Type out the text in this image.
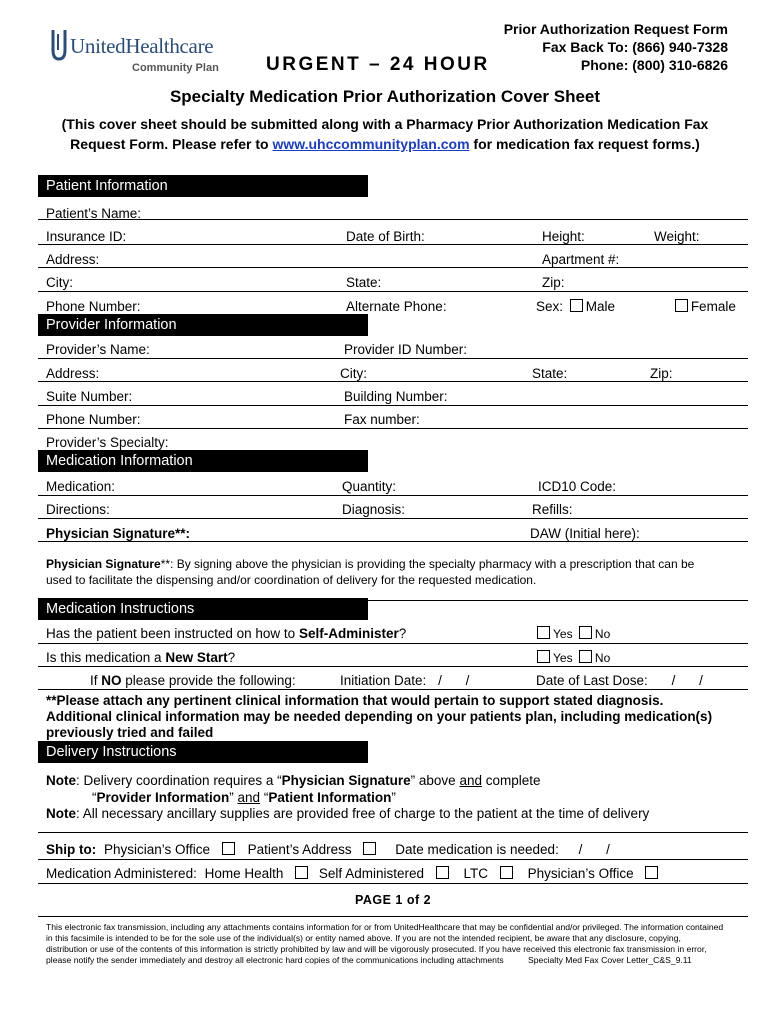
UnitedHealthcare
Community Plan URGENT – 24 HOUR
Prior Authorization Request Form
Fax Back To: (866) 940-7328
Phone: (800) 310-6826
Specialty Medication Prior Authorization Cover Sheet
(This cover sheet should be submitted along with a Pharmacy Prior Authorization Medication Fax
Request Form. Please refer to www.uhccommunityplan.com for medication fax request forms.)
Patient Information
Patient’s Name:
Insurance ID:	Date of Birth:	Height:	Weight:
Address:	Apartment #:
City:	State:	Zip:
Phone Number:	Alternate Phone:	Sex: Male	Female
Provider Information
Provider’s Name:	Provider ID Number:
Address:	City:	State:	Zip:
Suite Number:	Building Number:
Phone Number:	Fax number:
Provider’s Specialty:
Medication Information
Medication:	Quantity:	ICD10 Code:
Directions:	Diagnosis:	Refills:
Physician Signature**:	DAW (Initial here):
Physician Signature**: By signing above the physician is providing the specialty pharmacy with a prescription that can be
used to facilitate the dispensing and/or coordination of delivery for the requested medication.
Medication Instructions
Has the patient been instructed on how to Self-Administer?	Yes No
Is this medication a New Start?	Yes No
If NO please provide the following:	Initiation Date: / /	Date of Last Dose: / /
**Please attach any pertinent clinical information that would pertain to support stated diagnosis.
Additional clinical information may be needed depending on your patients plan, including medication(s)
previously tried and failed
Delivery Instructions
Note: Delivery coordination requires a “Physician Signature” above and complete
“Provider Information” and “Patient Information”
Note: All necessary ancillary supplies are provided free of charge to the patient at the time of delivery
Ship to: Physician’s Office	Patient’s Address	Date medication is needed: / /
Medication Administered: Home Health	Self Administered	LTC	Physician’s Office
PAGE 1 of 2
This electronic fax transmission, including any attachments contains information for or from UnitedHealthcare that may be confidential and/or privileged. The information contained
in this facsimile is intended to be for the sole use of the individual(s) or entity named above. If you are not the intended recipient, be aware that any disclosure, copying,
distribution or use of the contents of this information is strictly prohibited by law and will be vigorously prosecuted. If you have received this electronic fax transmission in error,
please notify the sender immediately and destroy all electronic hard copies of the communications including attachments	Specialty Med Fax Cover Letter_C&S_9.11
